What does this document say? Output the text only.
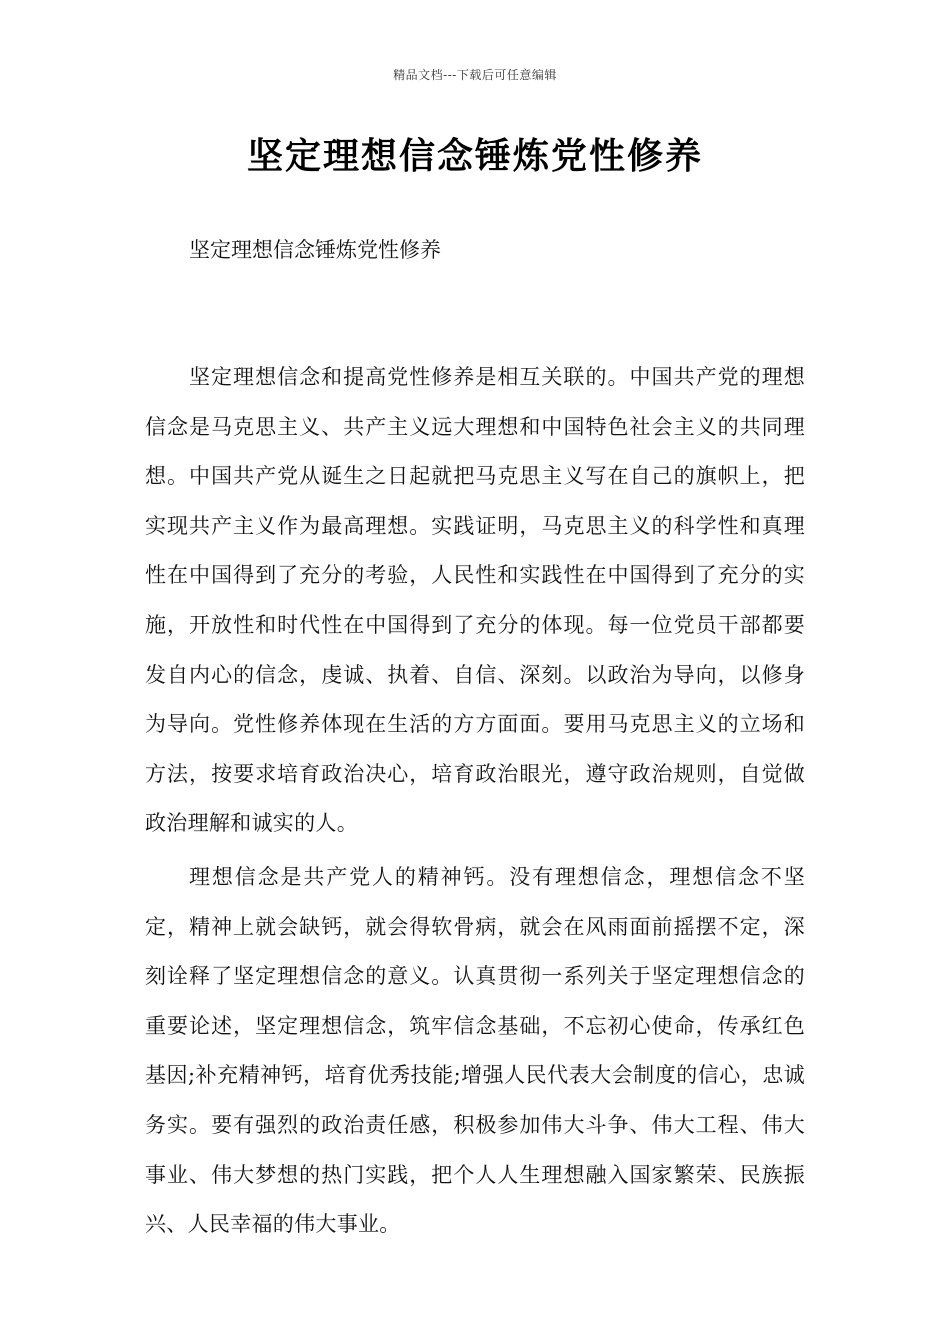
精品文档---下载后可任意编辑
坚定理想信念锤炼党性修养

坚定理想信念锤炼党性修养

坚定理想信念和提高党性修养是相互关联的。中国共产党的理想信念是马克思主义、共产主义远大理想和中国特色社会主义的共同理想。中国共产党从诞生之日起就把马克思主义写在自己的旗帜上，把实现共产主义作为最高理想。实践证明，马克思主义的科学性和真理性在中国得到了充分的考验，人民性和实践性在中国得到了充分的实施，开放性和时代性在中国得到了充分的体现。每一位党员干部都要发自内心的信念，虔诚、执着、自信、深刻。以政治为导向，以修身为导向。党性修养体现在生活的方方面面。要用马克思主义的立场和方法，按要求培育政治决心，培育政治眼光，遵守政治规则，自觉做政治理解和诚实的人。

理想信念是共产党人的精神钙。没有理想信念，理想信念不坚定，精神上就会缺钙，就会得软骨病，就会在风雨面前摇摆不定，深刻诠释了坚定理想信念的意义。认真贯彻一系列关于坚定理想信念的重要论述，坚定理想信念，筑牢信念基础，不忘初心使命，传承红色基因;补充精神钙，培育优秀技能;增强人民代表大会制度的信心，忠诚务实。要有强烈的政治责任感，积极参加伟大斗争、伟大工程、伟大事业、伟大梦想的热门实践，把个人人生理想融入国家繁荣、民族振兴、人民幸福的伟大事业。
